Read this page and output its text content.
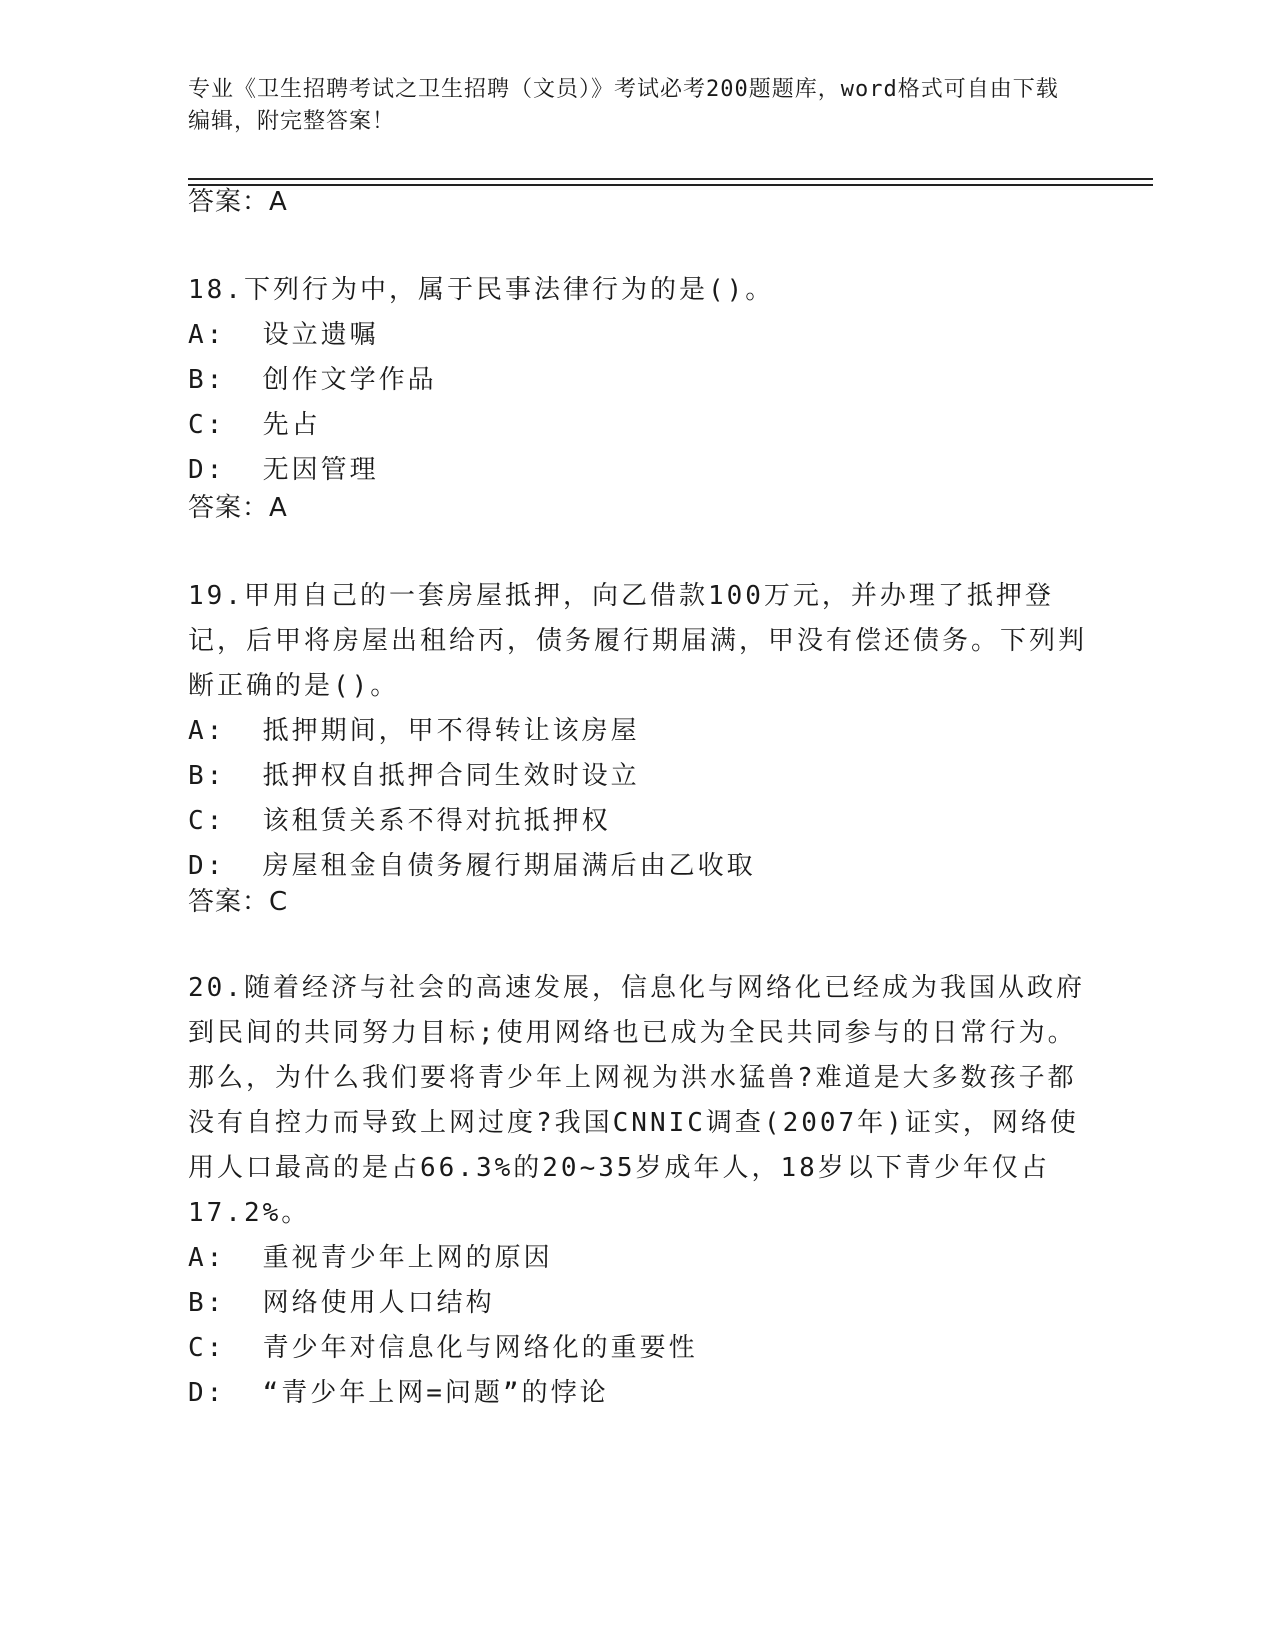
专业《卫生招聘考试之卫生招聘（文员）》考试必考200题题库，word格式可自由下载编辑，附完整答案！
答案：A

18.下列行为中，属于民事法律行为的是()。

A:  设立遗嘱

B:  创作文学作品

C:  先占

D:  无因管理

答案：A

19.甲用自己的一套房屋抵押，向乙借款100万元，并办理了抵押登记，后甲将房屋出租给丙，债务履行期届满，甲没有偿还债务。下列判断正确的是()。

A:  抵押期间，甲不得转让该房屋

B:  抵押权自抵押合同生效时设立

C:  该租赁关系不得对抗抵押权

D:  房屋租金自债务履行期届满后由乙收取

答案：C

20.随着经济与社会的高速发展，信息化与网络化已经成为我国从政府到民间的共同努力目标;使用网络也已成为全民共同参与的日常行为。那么，为什么我们要将青少年上网视为洪水猛兽?难道是大多数孩子都没有自控力而导致上网过度?我国CNNIC调查(2007年)证实，网络使用人口最高的是占66.3%的20~35岁成年人，18岁以下青少年仅占17.2%。

A:  重视青少年上网的原因

B:  网络使用人口结构

C:  青少年对信息化与网络化的重要性

D:  “青少年上网=问题”的悖论
